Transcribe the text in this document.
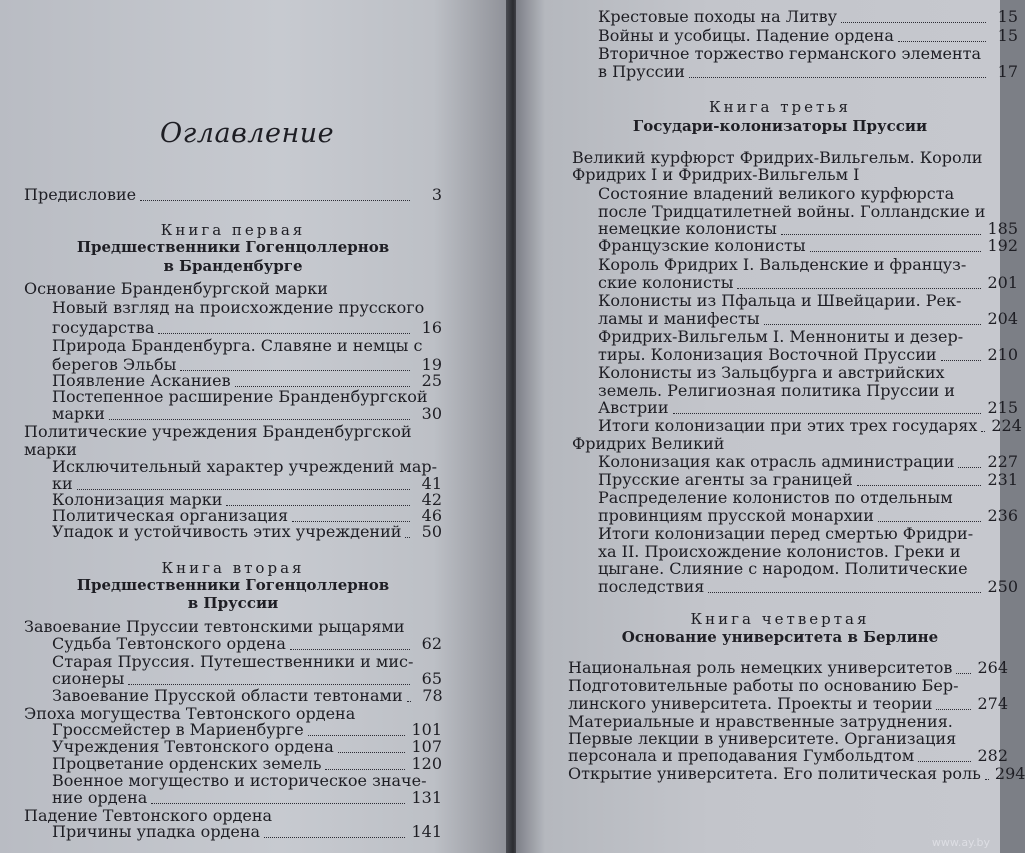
Оглавление
Предисловие	3
Книга первая
Предшественники Гогенцоллернов
в Бранденбурге
Основание Бранденбургской марки
Новый взгляд на происхождение прусского
государства	16
Природа Бранденбурга. Славяне и немцы с
берегов Эльбы	19
Появление Асканиев	25
Постепенное расширение Бранденбургской
марки	30
Политические учреждения Бранденбургской
марки
Исключительный характер учреждений мар-
ки	41
Колонизация марки	42
Политическая организация	46
Упадок и устойчивость этих учреждений	50
Книга вторая
Предшественники Гогенцоллернов
в Пруссии
Завоевание Пруссии тевтонскими рыцарями
Судьба Тевтонского ордена	62
Старая Пруссия. Путешественники и мис-
сионеры	65
Завоевание Прусской области тевтонами	78
Эпоха могущества Тевтонского ордена
Гроссмейстер в Мариенбурге	101
Учреждения Тевтонского ордена	107
Процветание орденских земель	120
Военное могущество и историческое значе-
ние ордена	131
Падение Тевтонского ордена
Причины упадка ордена	141
Крестовые походы на Литву	15
Войны и усобицы. Падение ордена	15
Вторичное торжество германского элемента
в Пруссии	17
Книга третья
Государи-колонизаторы Пруссии
Великий курфюрст Фридрих-Вильгельм. Короли
Фридрих I и Фридрих-Вильгельм I
Состояние владений великого курфюрста
после Тридцатилетней войны. Голландские и
немецкие колонисты	185
Французские колонисты	192
Король Фридрих I. Вальденские и француз-
ские колонисты	201
Колонисты из Пфальца и Швейцарии. Рек-
ламы и манифесты	204
Фридрих-Вильгельм I. Меннониты и дезер-
тиры. Колонизация Восточной Пруссии	210
Колонисты из Зальцбурга и австрийских
земель. Религиозная политика Пруссии и
Австрии	215
Итоги колонизации при этих трех государях 224
Фридрих Великий
Колонизация как отрасль администрации 227
Прусские агенты за границей	231
Распределение колонистов по отдельным
провинциям прусской монархии	236
Итоги колонизации перед смертью Фридри-
ха II. Происхождение колонистов. Греки и
цыгане. Слияние с народом. Политические
последствия	250
Книга четвертая
Основание университета в Берлине
Национальная роль немецких университетов 264
Подготовительные работы по основанию Бер-
линского университета. Проекты и теории	274
Материальные и нравственные затруднения.
Первые лекции в университете. Организация
персонала и преподавания Гумбольдтом	282
Открытие университета. Его политическая роль 294
www.ay.by
